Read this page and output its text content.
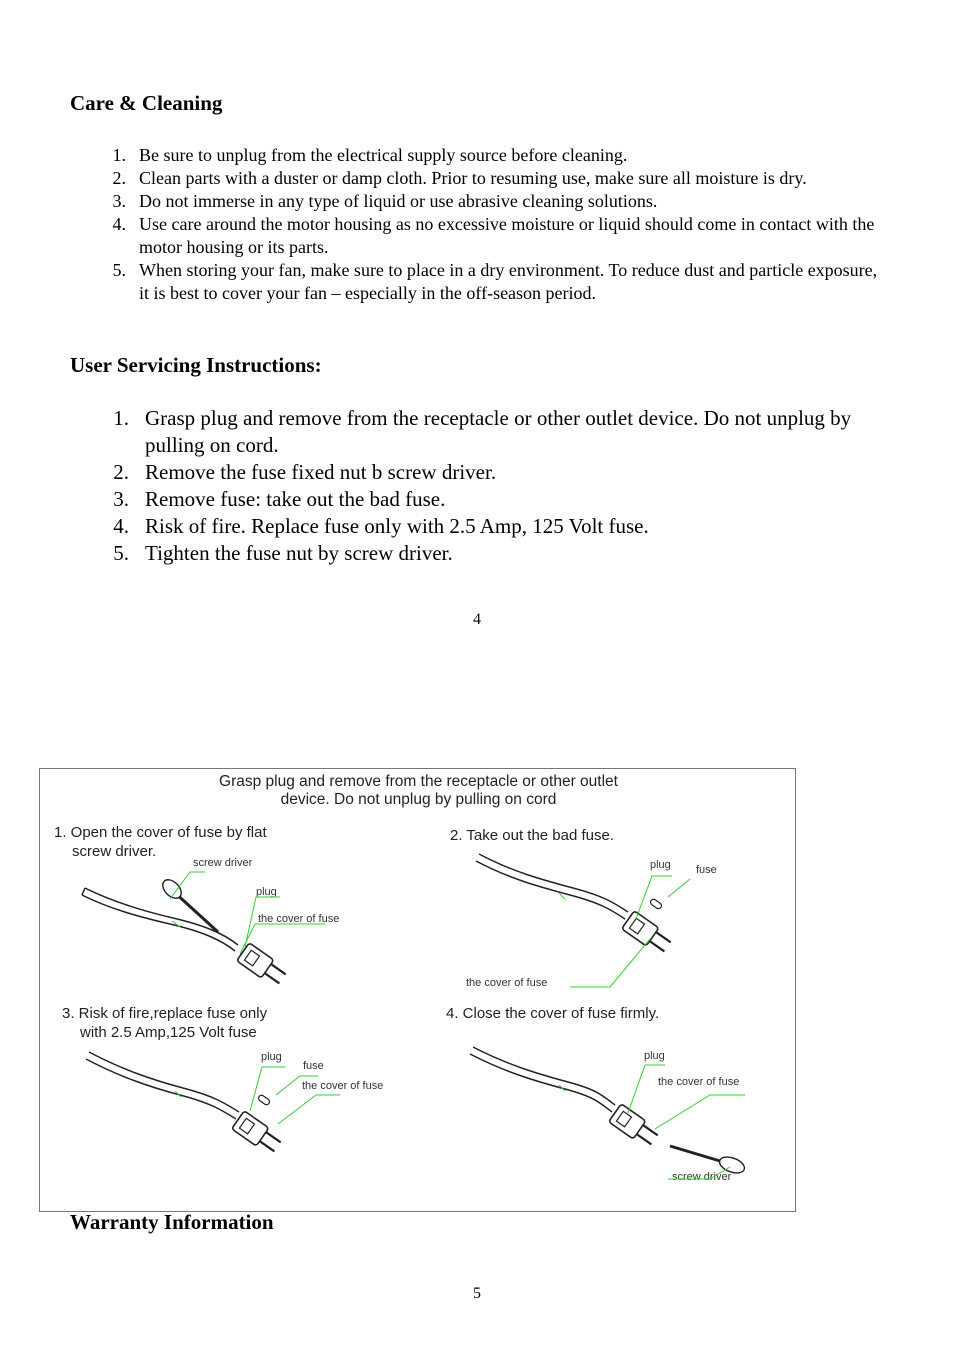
Care & Cleaning
1. Be sure to unplug from the electrical supply source before cleaning.
2. Clean parts with a duster or damp cloth. Prior to resuming use, make sure all moisture is dry.
3. Do not immerse in any type of liquid or use abrasive cleaning solutions.
4. Use care around the motor housing as no excessive moisture or liquid should come in contact with the motor housing or its parts.
5. When storing your fan, make sure to place in a dry environment. To reduce dust and particle exposure, it is best to cover your fan – especially in the off-season period.
User Servicing Instructions:
1. Grasp plug and remove from the receptacle or other outlet device. Do not unplug by pulling on cord.
2. Remove the fuse fixed nut b screw driver.
3. Remove fuse: take out the bad fuse.
4. Risk of fire. Replace fuse only with 2.5 Amp, 125 Volt fuse.
5. Tighten the fuse nut by screw driver.
4
Grasp plug and remove from the receptacle or other outlet
device. Do not unplug by pulling on cord
1. Open the cover of fuse by flat
screw driver.
2. Take out the bad fuse.
3. Risk of fire,replace fuse only
with 2.5 Amp,125 Volt fuse
4. Close the cover of fuse firmly.
screw driver
plug
the cover of fuse
plug fuse
the cover of fuse
plug
fuse
the cover of fuse
plug
the cover of fuse
screw driver
Warranty Information
5
